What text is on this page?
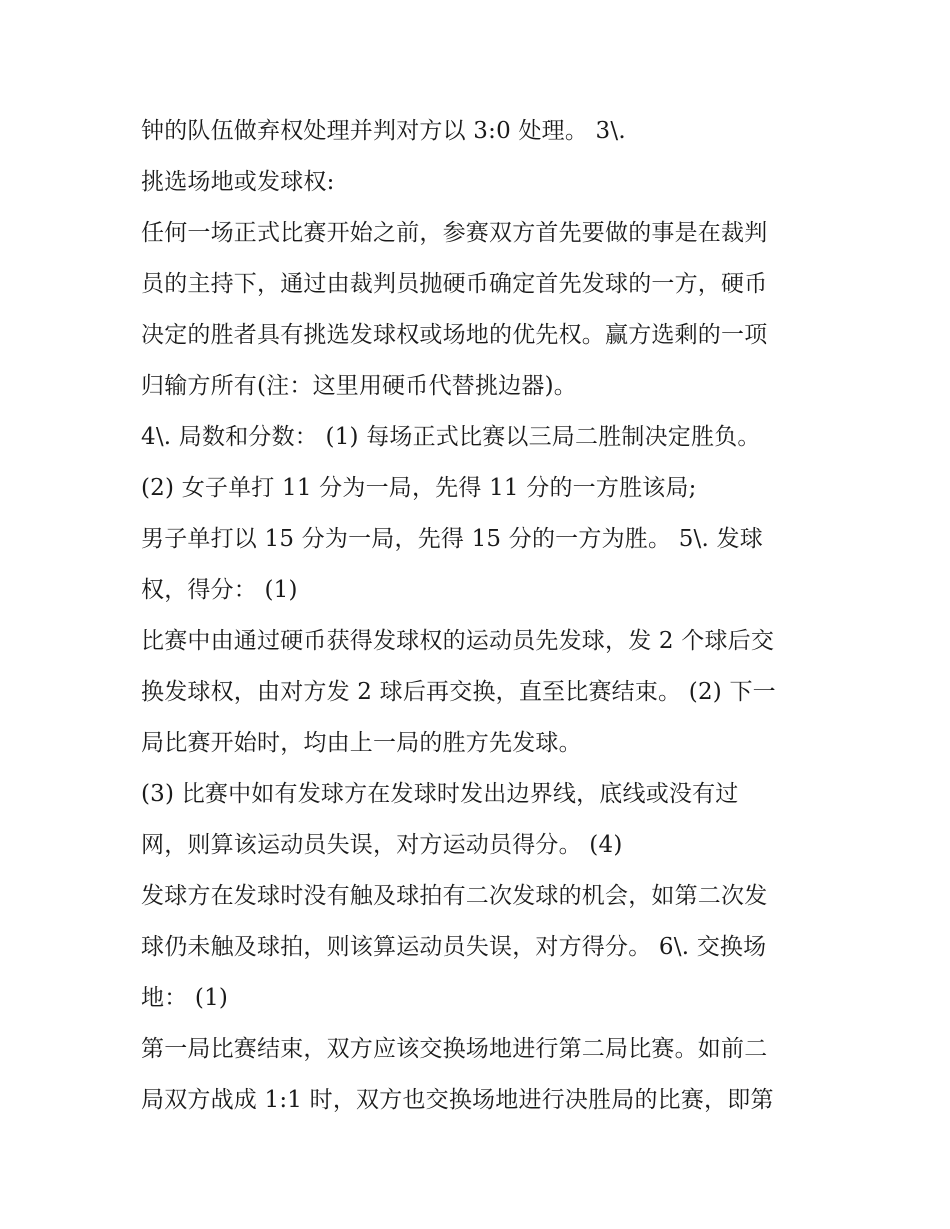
钟的队伍做弃权处理并判对方以 3:0 处理。 3\.

挑选场地或发球权:

任何一场正式比赛开始之前，参赛双方首先要做的事是在裁判

员的主持下，通过由裁判员抛硬币确定首先发球的一方，硬币

决定的胜者具有挑选发球权或场地的优先权。赢方选剩的一项

归输方所有(注：这里用硬币代替挑边器)。

4\. 局数和分数： (1) 每场正式比赛以三局二胜制决定胜负。

(2) 女子单打 11 分为一局，先得 11 分的一方胜该局;

男子单打以 15 分为一局，先得 15 分的一方为胜。 5\. 发球

权，得分： (1)

比赛中由通过硬币获得发球权的运动员先发球，发 2 个球后交

换发球权，由对方发 2 球后再交换，直至比赛结束。 (2) 下一

局比赛开始时，均由上一局的胜方先发球。

(3) 比赛中如有发球方在发球时发出边界线，底线或没有过

网，则算该运动员失误，对方运动员得分。 (4)

发球方在发球时没有触及球拍有二次发球的机会，如第二次发

球仍未触及球拍，则该算运动员失误，对方得分。 6\. 交换场

地： (1)

第一局比赛结束，双方应该交换场地进行第二局比赛。如前二

局双方战成 1:1 时，双方也交换场地进行决胜局的比赛，即第
